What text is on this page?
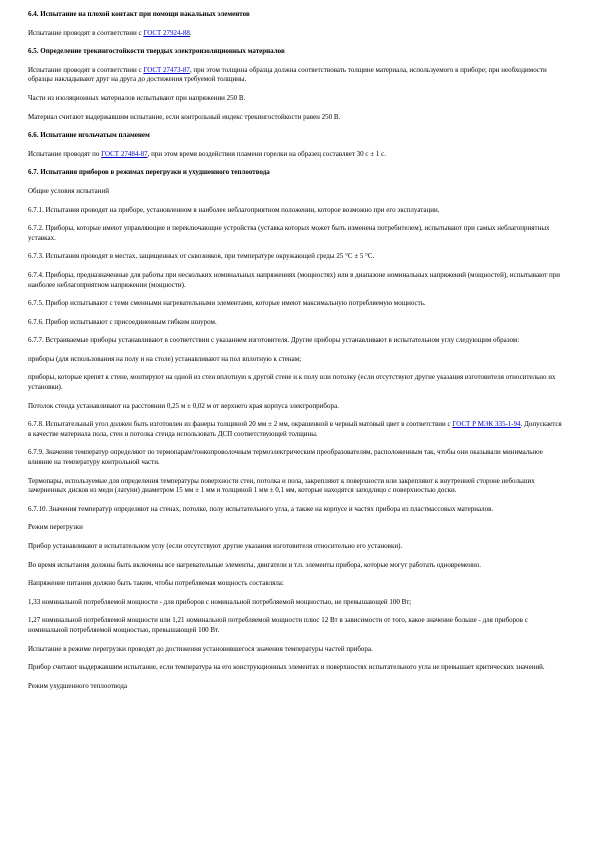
6.4. Испытание на плохой контакт при помощи накальных элементов
Испытание проводят в соответствии с ГОСТ 27924-88.
6.5. Определение трекингостойкости твердых электроизоляционных материалов
Испытание проводят в соответствии с ГОСТ 27473-87, при этом толщина образца должна соответствовать толщине материала, используемого в приборе; при необходимости образцы накладывают друг на друга до достижения требуемой толщины.
Части из изоляционных материалов испытывают при напряжении 250 В.
Материал считают выдержавшим испытание, если контрольный индекс трекингостойкости равен 250 В.
6.6. Испытание игольчатым пламенем
Испытание проводят по ГОСТ 27484-87, при этом время воздействия пламени горелки на образец составляет 30 с ± 1 с.
6.7. Испытания приборов в режимах перегрузки и ухудшенного теплоотвода
Общие условия испытаний
6.7.1. Испытания проводят на приборе, установленном в наиболее неблагоприятном положении, которое возможно при его эксплуатации.
6.7.2. Приборы, которые имеют управляющие и переключающие устройства (уставка которых может быть изменена потребителем), испытывают при самых неблагоприятных уставках.
6.7.3. Испытания проводят в местах, защищенных от сквозняков, при температуре окружающей среды 25 °С ± 5 °С.
6.7.4. Приборы, предназначенные для работы при нескольких номинальных напряжениях (мощностях) или в диапазоне номинальных напряжений (мощностей), испытывают при наиболее неблагоприятном напряжении (мощности).
6.7.5. Прибор испытывают с теми сменными нагревательными элементами, которые имеют максимальную потребляемую мощность.
6.7.6. Прибор испытывают с присоединенным гибким шнуром.
6.7.7. Встраиваемые приборы устанавливают в соответствии с указанием изготовителя. Другие приборы устанавливают в испытательном углу следующим образом:
приборы (для использования на полу и на столе) устанавливают на пол вплотную к стенам;
приборы, которые крепят к стене, монтируют на одной из стен вплотную к другой стене и к полу или потолку (если отсутствуют другие указания изготовителя относительно их установки).
Потолок стенда устанавливают на расстоянии 0,25 м ± 0,02 м от верхнего края корпуса электроприбора.
6.7.8. Испытательный угол должен быть изготовлен из фанеры толщиной 20 мм ± 2 мм, окрашенной в черный матовый цвет в соответствии с ГОСТ Р МЭК 335-1-94. Допускается в качестве материала пола, стен и потолка стенда использовать ДСП соответствующей толщины.
6.7.9. Значения температур определяют по термопарам/тонкопроволочным термоэлектрическим преобразователям, расположенным так, чтобы они оказывали минимальное влияние на температуру контрольной части.
Термопары, используемые для определения температуры поверхности стен, потолка и пола, закрепляют к поверхности или закрепляют к внутренней стороне небольших зачерненных дисков из меди (латуни) диаметром 15 мм ± 1 мм и толщиной 1 мм ± 0,1 мм, которые находятся заподлицо с поверхностью доски.
6.7.10. Значения температур определяют на стенах, потолке, полу испытательного угла, а также на корпусе и частях прибора из пластмассовых материалов.
Режим перегрузки
Прибор устанавливают в испытательном углу (если отсутствуют другие указания изготовителя относительно его установки).
Во время испытания должны быть включены все нагревательные элементы, двигатели и т.п. элементы прибора, которые могут работать одновременно.
Напряжение питания должно быть таким, чтобы потребляемая мощность составляла:
1,33 номинальной потребляемой мощности - для приборов с номинальной потребляемой мощностью, не превышающей 100 Вт;
1,27 номинальной потребляемой мощности или 1,21 номинальной потребляемой мощности плюс 12 Вт в зависимости от того, какое значение больше - для приборов с номинальной потребляемой мощностью, превышающей 100 Вт.
Испытание в режиме перегрузки проводят до достижения установившегося значения температуры частей прибора.
Прибор считают выдержавшим испытание, если температура на его конструкционных элементах и поверхностях испытательного угла не превышает критических значений.
Режим ухудшенного теплоотвода
